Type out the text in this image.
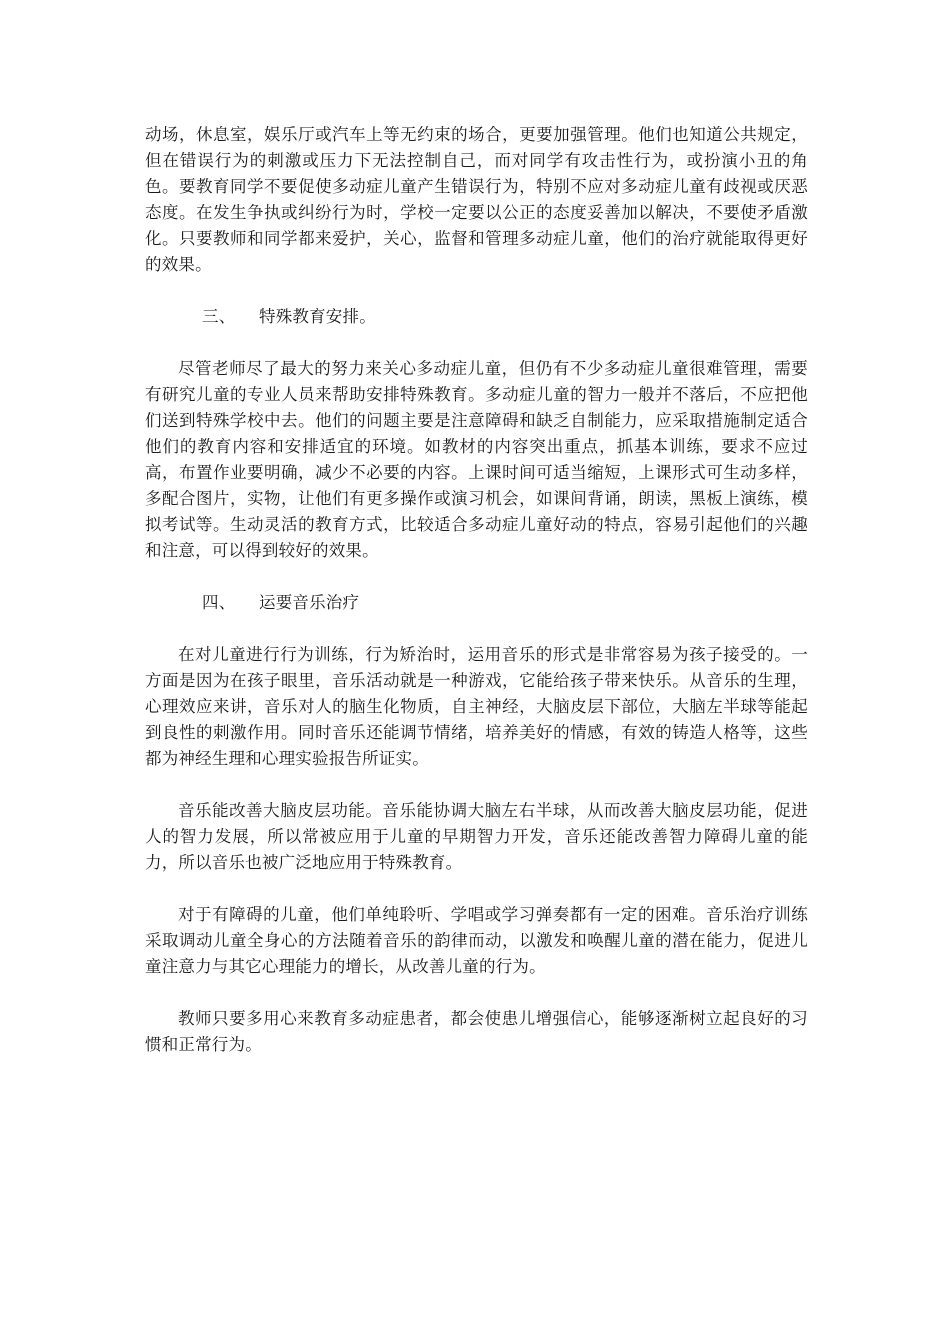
动场，休息室，娱乐厅或汽车上等无约束的场合，更要加强管理。他们也知道公共规定，但在错误行为的刺激或压力下无法控制自己，而对同学有攻击性行为，或扮演小丑的角色。要教育同学不要促使多动症儿童产生错误行为，特别不应对多动症儿童有歧视或厌恶态度。在发生争执或纠纷行为时，学校一定要以公正的态度妥善加以解决，不要使矛盾激化。只要教师和同学都来爱护，关心，监督和管理多动症儿童，他们的治疗就能取得更好的效果。

三、 特殊教育安排。

尽管老师尽了最大的努力来关心多动症儿童，但仍有不少多动症儿童很难管理，需要有研究儿童的专业人员来帮助安排特殊教育。多动症儿童的智力一般并不落后，不应把他们送到特殊学校中去。他们的问题主要是注意障碍和缺乏自制能力，应采取措施制定适合他们的教育内容和安排适宜的环境。如教材的内容突出重点，抓基本训练，要求不应过高，布置作业要明确，减少不必要的内容。上课时间可适当缩短，上课形式可生动多样，多配合图片，实物，让他们有更多操作或演习机会，如课间背诵，朗读，黑板上演练，模拟考试等。生动灵活的教育方式，比较适合多动症儿童好动的特点，容易引起他们的兴趣和注意，可以得到较好的效果。

四、 运要音乐治疗

在对儿童进行行为训练，行为矫治时，运用音乐的形式是非常容易为孩子接受的。一方面是因为在孩子眼里，音乐活动就是一种游戏，它能给孩子带来快乐。从音乐的生理，心理效应来讲，音乐对人的脑生化物质，自主神经，大脑皮层下部位，大脑左半球等能起到良性的刺激作用。同时音乐还能调节情绪，培养美好的情感，有效的铸造人格等，这些都为神经生理和心理实验报告所证实。

音乐能改善大脑皮层功能。音乐能协调大脑左右半球，从而改善大脑皮层功能，促进人的智力发展，所以常被应用于儿童的早期智力开发，音乐还能改善智力障碍儿童的能力，所以音乐也被广泛地应用于特殊教育。

对于有障碍的儿童，他们单纯聆听、学唱或学习弹奏都有一定的困难。音乐治疗训练采取调动儿童全身心的方法随着音乐的韵律而动，以激发和唤醒儿童的潜在能力，促进儿童注意力与其它心理能力的增长，从改善儿童的行为。

教师只要多用心来教育多动症患者，都会使患儿增强信心，能够逐渐树立起良好的习惯和正常行为。
